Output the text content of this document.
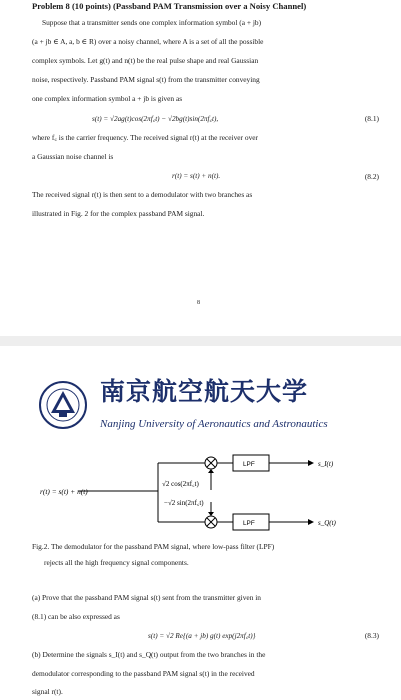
Problem 8 (10 points) (Passband PAM Transmission over a Noisy Channel)
Suppose that a transmitter sends one complex information symbol (a + jb)
(a + jb ∈ A, a, b ∈ R) over a noisy channel, where A is a set of all the possible
complex symbols. Let g(t) and n(t) be the real pulse shape and real Gaussian
noise, respectively. Passband PAM signal s(t) from the transmitter conveying
one complex information symbol a + jb is given as
s(t) = √2ag(t)cos(2πf꜀t) − √2bg(t)sin(2πf꜀t),	(8.1)
where f꜀ is the carrier frequency. The received signal r(t) at the receiver over
a Gaussian noise channel is
r(t) = s(t) + n(t).	(8.2)
The received signal r(t) is then sent to a demodulator with two branches as
illustrated in Fig. 2 for the complex passband PAM signal.
8
南京航空航天大学
Nanjing University of Aeronautics and Astronautics
r(t) = s(t) + n(t)
√2 cos(2πf꜀t)
−√2 sin(2πf꜀t)
LPF
LPF
s_I(t)
s_Q(t)
Fig.2. The demodulator for the passband PAM signal, where low-pass filter (LPF)
rejects all the high frequency signal components.
(a) Prove that the passband PAM signal s(t) sent from the transmitter given in
(8.1) can be also expressed as
s(t) = √2 Re{(a + jb) g(t) exp(j2πf꜀t)}	(8.3)
(b) Determine the signals s_I(t) and s_Q(t) output from the two branches in the
demodulator corresponding to the passband PAM signal s(t) in the received
signal r(t).
